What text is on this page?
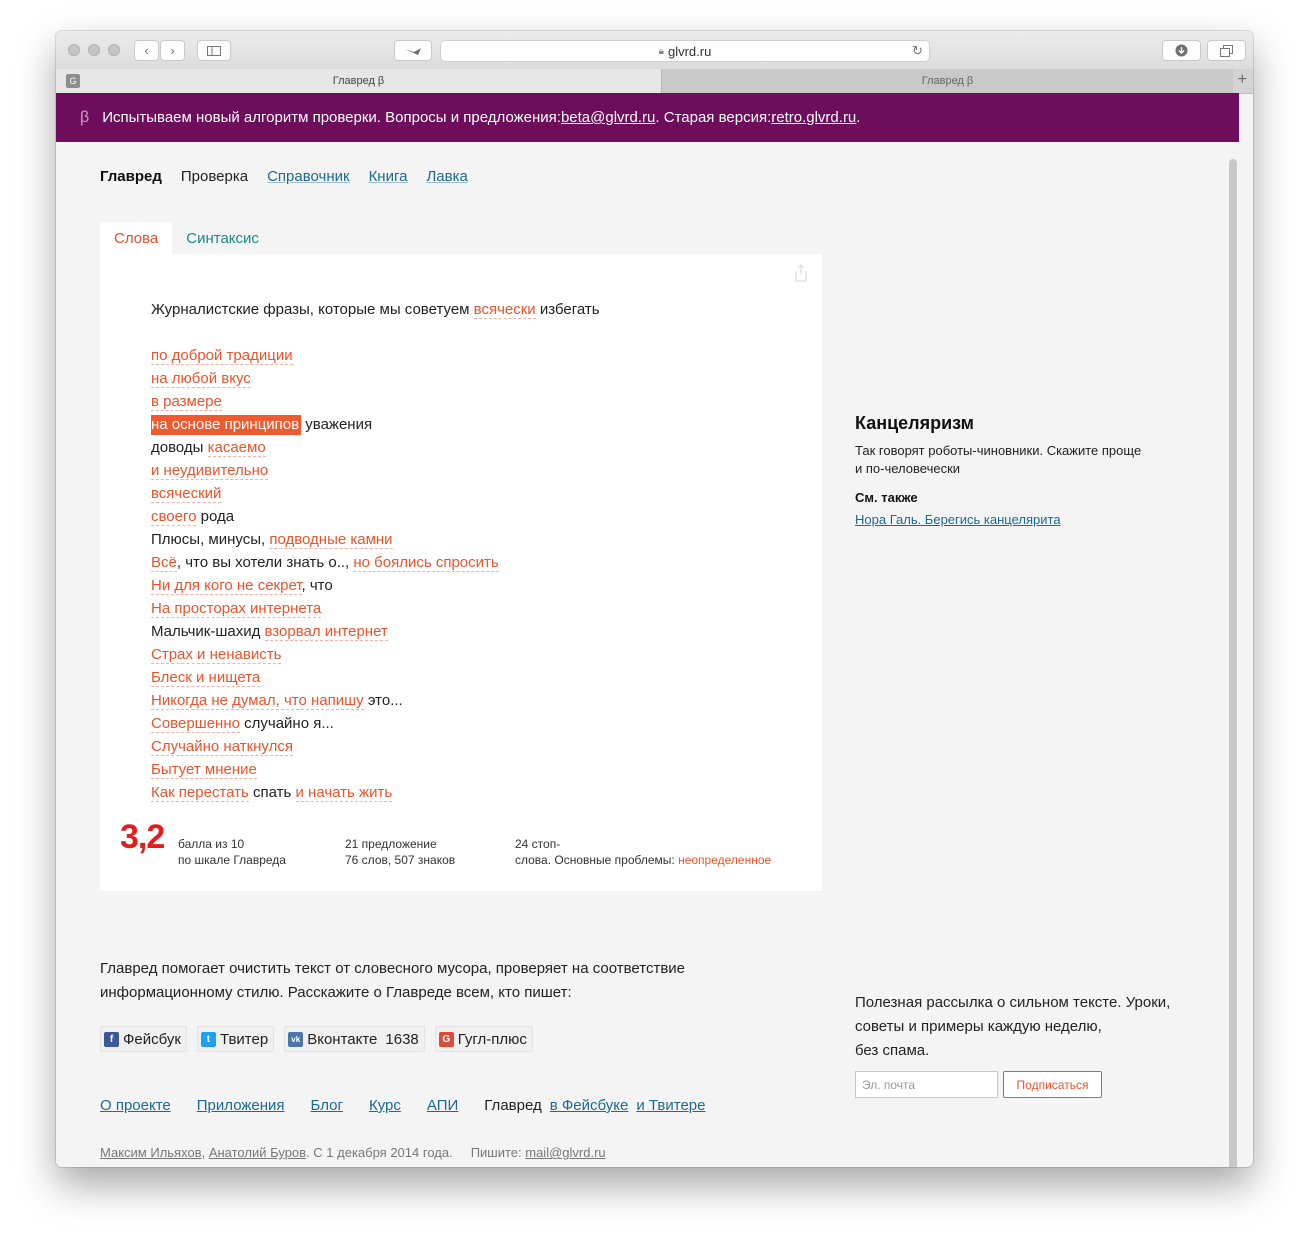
‹ ›	🔒︎ glvrd.ru	↻
G	Главред β	Главред β	+
β Испытываем новый алгоритм проверки. Вопросы и предложения: beta@glvrd.ru . Старая версия: retro.glvrd.ru .
Главред Проверка Справочник Книга Лавка
Слова	Синтаксис
Журналистские фразы, которые мы советуем всячески избегать
по доброй традиции
на любой вкус
в размере
на основе принципов уважения
доводы касаемо
и неудивительно
всяческий
своего рода
Плюсы, минусы, подводные камни
Всё, что вы хотели знать о.., но боялись спросить
Ни для кого не секрет, что
На просторах интернета
Мальчик-шахид взорвал интернет
Страх и ненависть
Блеск и нищета
Никогда не думал, что напишу это...
Совершенно случайно я...
Случайно наткнулся
Бытует мнение
Как перестать спать и начать жить
3,2 балла из 10
по шкале Главреда
21 предложение
76 слов, 507 знаков
24 стоп-
слова. Основные проблемы: неопределенное
Канцеляризм
Так говорят роботы-чиновники. Скажите проще
и по-человечески
См. также
Нора Галь. Берегись канцелярита
Главред помогает очистить текст от словесного мусора, проверяет на соответствие
информационному стилю. Расскажите о Главреде всем, кто пишет:
f Фейсбук	t Твитер	vk Вконтакте 1638	G Гугл-плюс
Полезная рассылка о сильном тексте. Уроки,
советы и примеры каждую неделю,
без спама.
Эл. почта	Подписаться
О проекте Приложения Блог Курс АПИ Главред в Фейсбуке и Твитере
Максим Ильяхов, Анатолий Буров. С 1 декабря 2014 года. Пишите: mail@glvrd.ru
